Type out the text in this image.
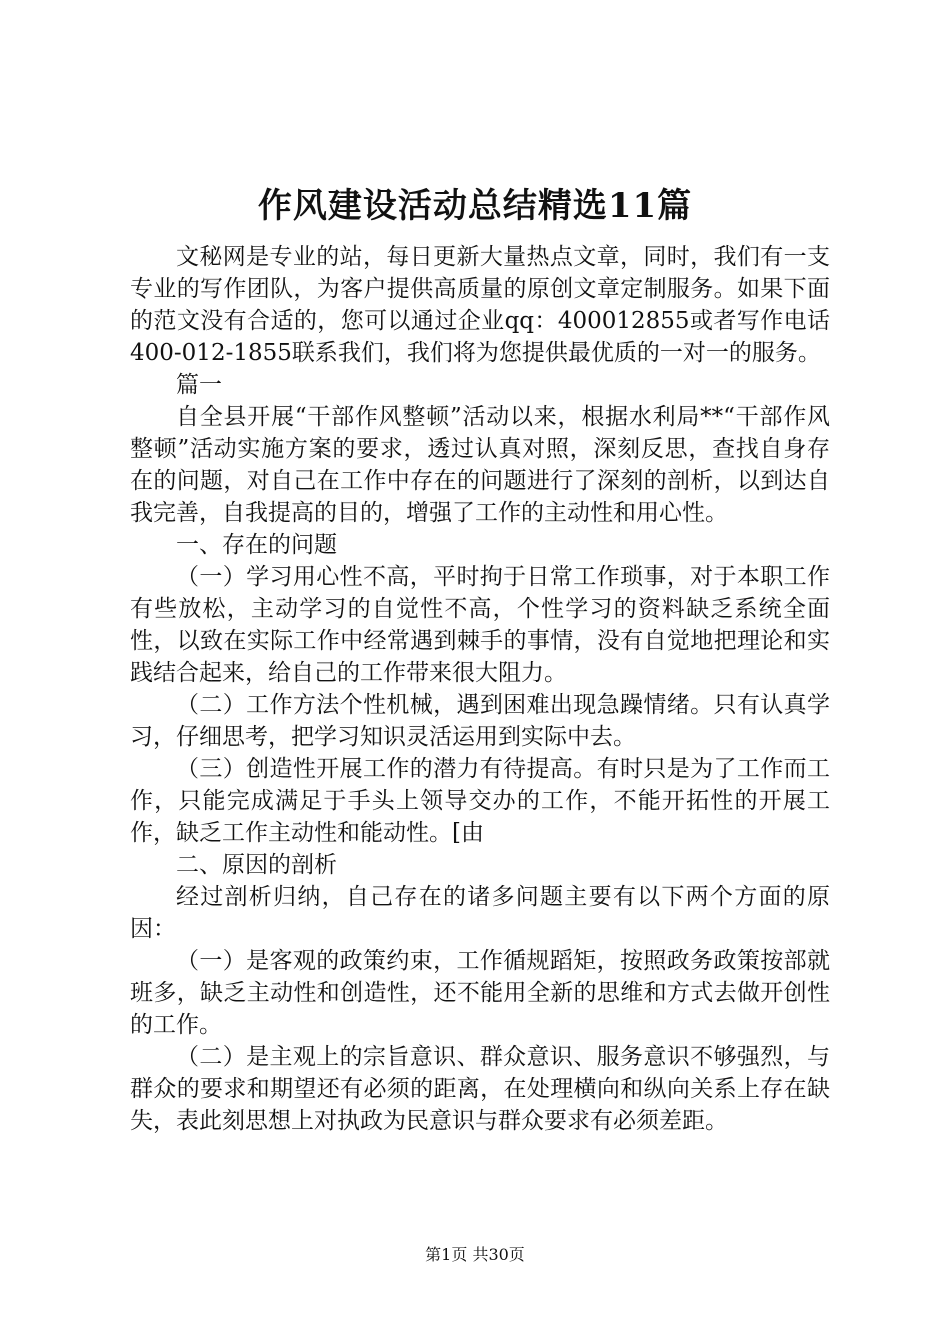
作风建设活动总结精选11篇

文秘网是专业的站，每日更新大量热点文章，同时，我们有一支专业的写作团队，为客户提供高质量的原创文章定制服务。如果下面的范文没有合适的，您可以通过企业qq：400012855或者写作电话400-012-1855联系我们，我们将为您提供最优质的一对一的服务。

篇一

自全县开展“干部作风整顿”活动以来，根据水利局**“干部作风整顿”活动实施方案的要求，透过认真对照，深刻反思，查找自身存在的问题，对自己在工作中存在的问题进行了深刻的剖析，以到达自我完善，自我提高的目的，增强了工作的主动性和用心性。

一、存在的问题

（一）学习用心性不高，平时拘于日常工作琐事，对于本职工作有些放松，主动学习的自觉性不高，个性学习的资料缺乏系统全面性，以致在实际工作中经常遇到棘手的事情，没有自觉地把理论和实践结合起来，给自己的工作带来很大阻力。

（二）工作方法个性机械，遇到困难出现急躁情绪。只有认真学习，仔细思考，把学习知识灵活运用到实际中去。

（三）创造性开展工作的潜力有待提高。有时只是为了工作而工作，只能完成满足于手头上领导交办的工作，不能开拓性的开展工作，缺乏工作主动性和能动性。[由

二、原因的剖析

经过剖析归纳，自己存在的诸多问题主要有以下两个方面的原因：

（一）是客观的政策约束，工作循规蹈矩，按照政务政策按部就班多，缺乏主动性和创造性，还不能用全新的思维和方式去做开创性的工作。

（二）是主观上的宗旨意识、群众意识、服务意识不够强烈，与群众的要求和期望还有必须的距离，在处理横向和纵向关系上存在缺失，表此刻思想上对执政为民意识与群众要求有必须差距。

第1页 共30页
